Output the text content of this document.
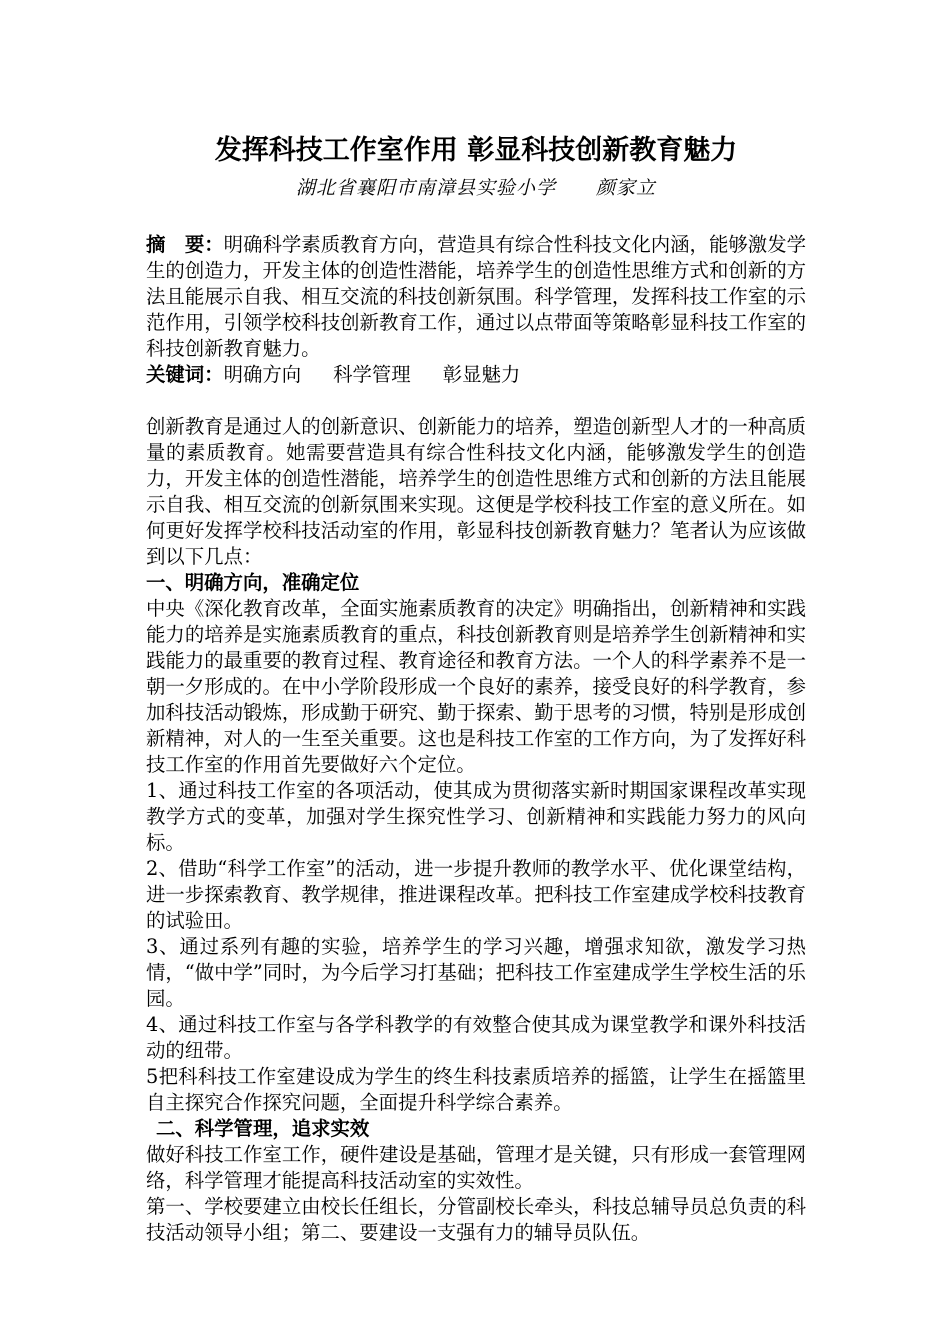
发挥科技工作室作用 彰显科技创新教育魅力

湖北省襄阳市南漳县实验小学 颜家立

摘　要：明确科学素质教育方向，营造具有综合性科技文化内涵，能够激发学生的创造力，开发主体的创造性潜能，培养学生的创造性思维方式和创新的方法且能展示自我、相互交流的科技创新氛围。科学管理，发挥科技工作室的示范作用，引领学校科技创新教育工作，通过以点带面等策略彰显科技工作室的科技创新教育魅力。

关键词：明确方向 科学管理 彰显魅力

创新教育是通过人的创新意识、创新能力的培养，塑造创新型人才的一种高质量的素质教育。她需要营造具有综合性科技文化内涵，能够激发学生的创造力，开发主体的创造性潜能，培养学生的创造性思维方式和创新的方法且能展示自我、相互交流的创新氛围来实现。这便是学校科技工作室的意义所在。如何更好发挥学校科技活动室的作用，彰显科技创新教育魅力？笔者认为应该做到以下几点：

一、明确方向，准确定位

中央《深化教育改革，全面实施素质教育的决定》明确指出，创新精神和实践能力的培养是实施素质教育的重点，科技创新教育则是培养学生创新精神和实践能力的最重要的教育过程、教育途径和教育方法。一个人的科学素养不是一朝一夕形成的。在中小学阶段形成一个良好的素养，接受良好的科学教育，参加科技活动锻炼，形成勤于研究、勤于探索、勤于思考的习惯，特别是形成创新精神，对人的一生至关重要。这也是科技工作室的工作方向，为了发挥好科技工作室的作用首先要做好六个定位。

1、通过科技工作室的各项活动，使其成为贯彻落实新时期国家课程改革实现教学方式的变革，加强对学生探究性学习、创新精神和实践能力努力的风向标。

2、借助“科学工作室”的活动，进一步提升教师的教学水平、优化课堂结构，进一步探索教育、教学规律，推进课程改革。把科技工作室建成学校科技教育的试验田。

3、通过系列有趣的实验，培养学生的学习兴趣，增强求知欲，激发学习热情，“做中学”同时，为今后学习打基础；把科技工作室建成学生学校生活的乐园。

4、通过科技工作室与各学科教学的有效整合使其成为课堂教学和课外科技活动的纽带。

5把科科技工作室建设成为学生的终生科技素质培养的摇篮，让学生在摇篮里自主探究合作探究问题，全面提升科学综合素养。

二、科学管理，追求实效

做好科技工作室工作，硬件建设是基础，管理才是关键，只有形成一套管理网络，科学管理才能提高科技活动室的实效性。

第一、学校要建立由校长任组长，分管副校长牵头，科技总辅导员总负责的科技活动领导小组；第二、要建设一支强有力的辅导员队伍。
